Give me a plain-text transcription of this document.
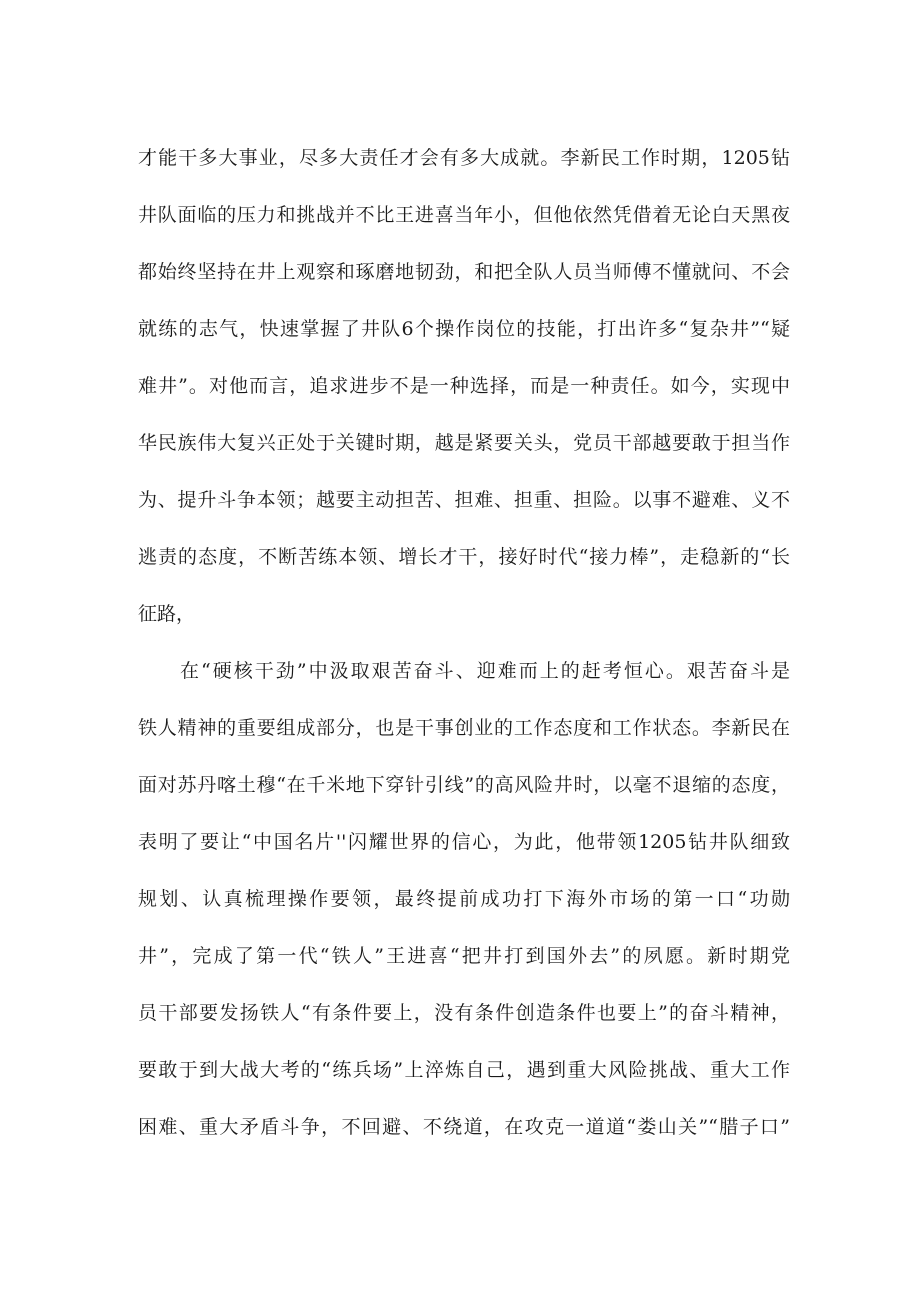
才能干多大事业，尽多大责任才会有多大成就。李新民工作时期，1205钻
井队面临的压力和挑战并不比王进喜当年小，但他依然凭借着无论白天黑夜
都始终坚持在井上观察和琢磨地韧劲，和把全队人员当师傅不懂就问、不会
就练的志气，快速掌握了井队6个操作岗位的技能，打出许多“复杂井”“疑
难井”。对他而言，追求进步不是一种选择，而是一种责任。如今，实现中
华民族伟大复兴正处于关键时期，越是紧要关头，党员干部越要敢于担当作
为、提升斗争本领；越要主动担苦、担难、担重、担险。以事不避难、义不
逃责的态度，不断苦练本领、增长才干，接好时代“接力棒”，走稳新的“长
征路，
在“硬核干劲”中汲取艰苦奋斗、迎难而上的赶考恒心。艰苦奋斗是
铁人精神的重要组成部分，也是干事创业的工作态度和工作状态。李新民在
面对苏丹喀土穆“在千米地下穿针引线”的高风险井时，以毫不退缩的态度，
表明了要让“中国名片''闪耀世界的信心，为此，他带领1205钻井队细致
规划、认真梳理操作要领，最终提前成功打下海外市场的第一口“功勋
井”，完成了第一代“铁人”王进喜“把井打到国外去”的夙愿。新时期党
员干部要发扬铁人“有条件要上，没有条件创造条件也要上”的奋斗精神，
要敢于到大战大考的“练兵场”上淬炼自己，遇到重大风险挑战、重大工作
困难、重大矛盾斗争，不回避、不绕道，在攻克一道道“娄山关”“腊子口”
